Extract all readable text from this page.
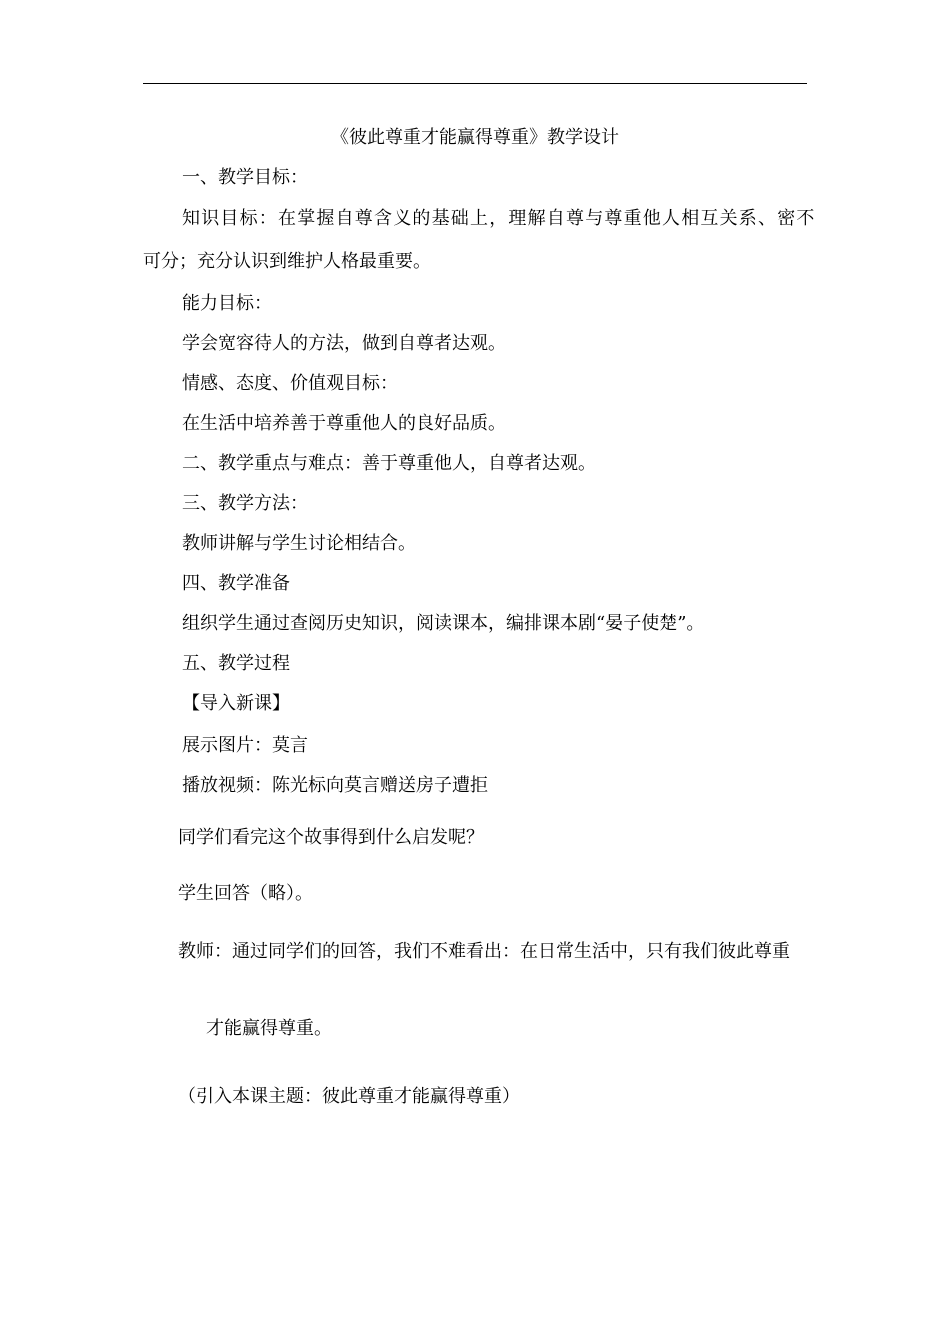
《彼此尊重才能赢得尊重》教学设计
一、教学目标：
知识目标：在掌握自尊含义的基础上，理解自尊与尊重他人相互关系、密不
可分；充分认识到维护人格最重要。
能力目标：
学会宽容待人的方法，做到自尊者达观。
情感、态度、价值观目标：
在生活中培养善于尊重他人的良好品质。
二、教学重点与难点：善于尊重他人，自尊者达观。
三、教学方法：
教师讲解与学生讨论相结合。
四、教学准备
组织学生通过查阅历史知识，阅读课本，编排课本剧“晏子使楚”。
五、教学过程
【导入新课】
展示图片：莫言
播放视频：陈光标向莫言赠送房子遭拒
同学们看完这个故事得到什么启发呢？
学生回答（略）。
教师：通过同学们的回答，我们不难看出：在日常生活中，只有我们彼此尊重
才能赢得尊重。
（引入本课主题：彼此尊重才能赢得尊重）
